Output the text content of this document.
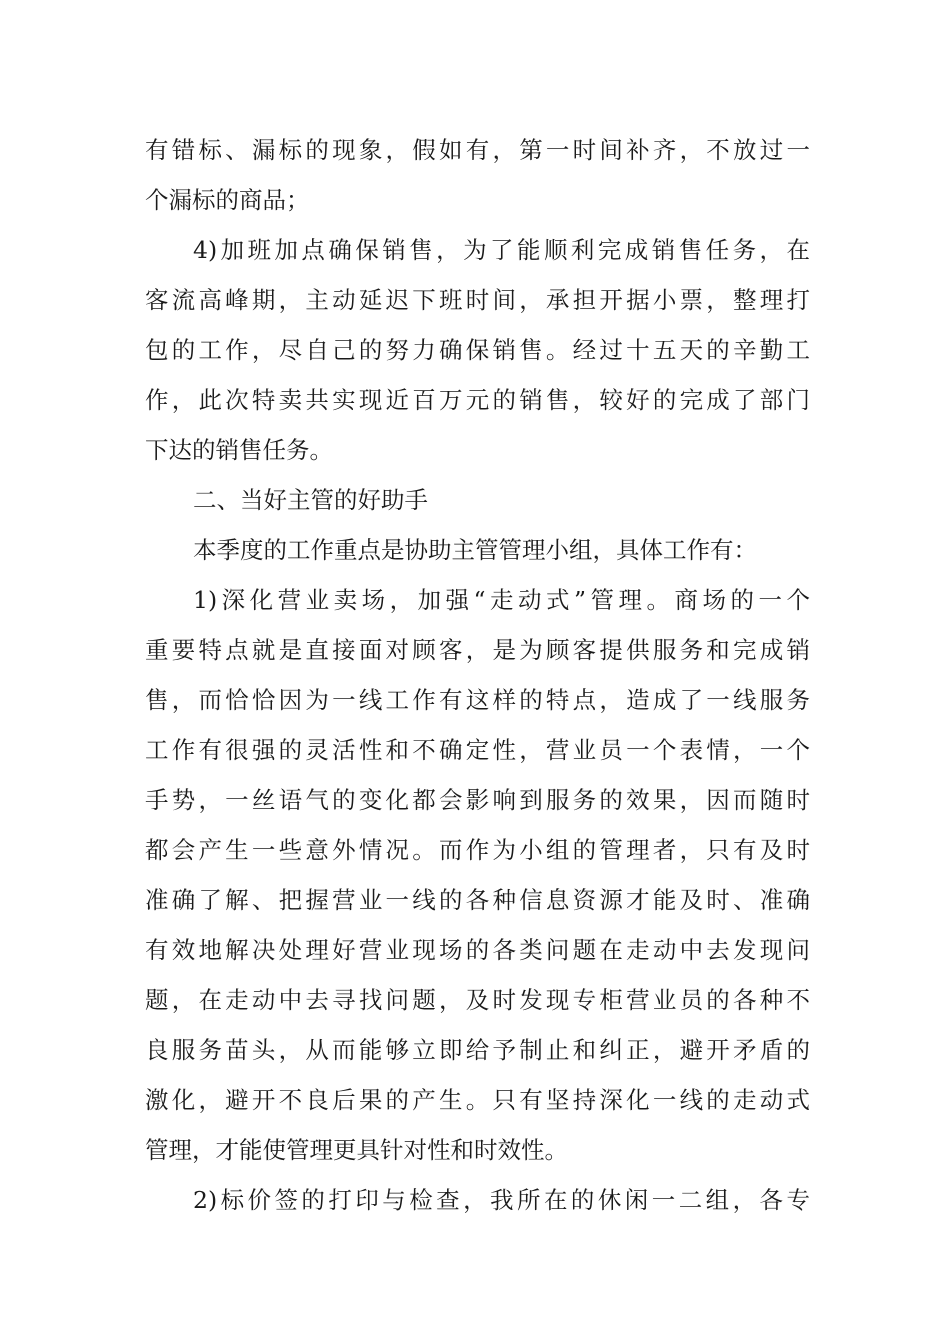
有错标、漏标的现象，假如有，第一时间补齐，不放过一
个漏标的商品；
4)加班加点确保销售，为了能顺利完成销售任务，在
客流高峰期，主动延迟下班时间，承担开据小票，整理打
包的工作，尽自己的努力确保销售。经过十五天的辛勤工
作，此次特卖共实现近百万元的销售，较好的完成了部门
下达的销售任务。
二、当好主管的好助手
本季度的工作重点是协助主管管理小组，具体工作有：
1)深化营业卖场，加强“走动式”管理。商场的一个
重要特点就是直接面对顾客，是为顾客提供服务和完成销
售，而恰恰因为一线工作有这样的特点，造成了一线服务
工作有很强的灵活性和不确定性，营业员一个表情，一个
手势，一丝语气的变化都会影响到服务的效果，因而随时
都会产生一些意外情况。而作为小组的管理者，只有及时
准确了解、把握营业一线的各种信息资源才能及时、准确
有效地解决处理好营业现场的各类问题在走动中去发现问
题，在走动中去寻找问题，及时发现专柜营业员的各种不
良服务苗头，从而能够立即给予制止和纠正，避开矛盾的
激化，避开不良后果的产生。只有坚持深化一线的走动式
管理，才能使管理更具针对性和时效性。
2)标价签的打印与检查，我所在的休闲一二组，各专
